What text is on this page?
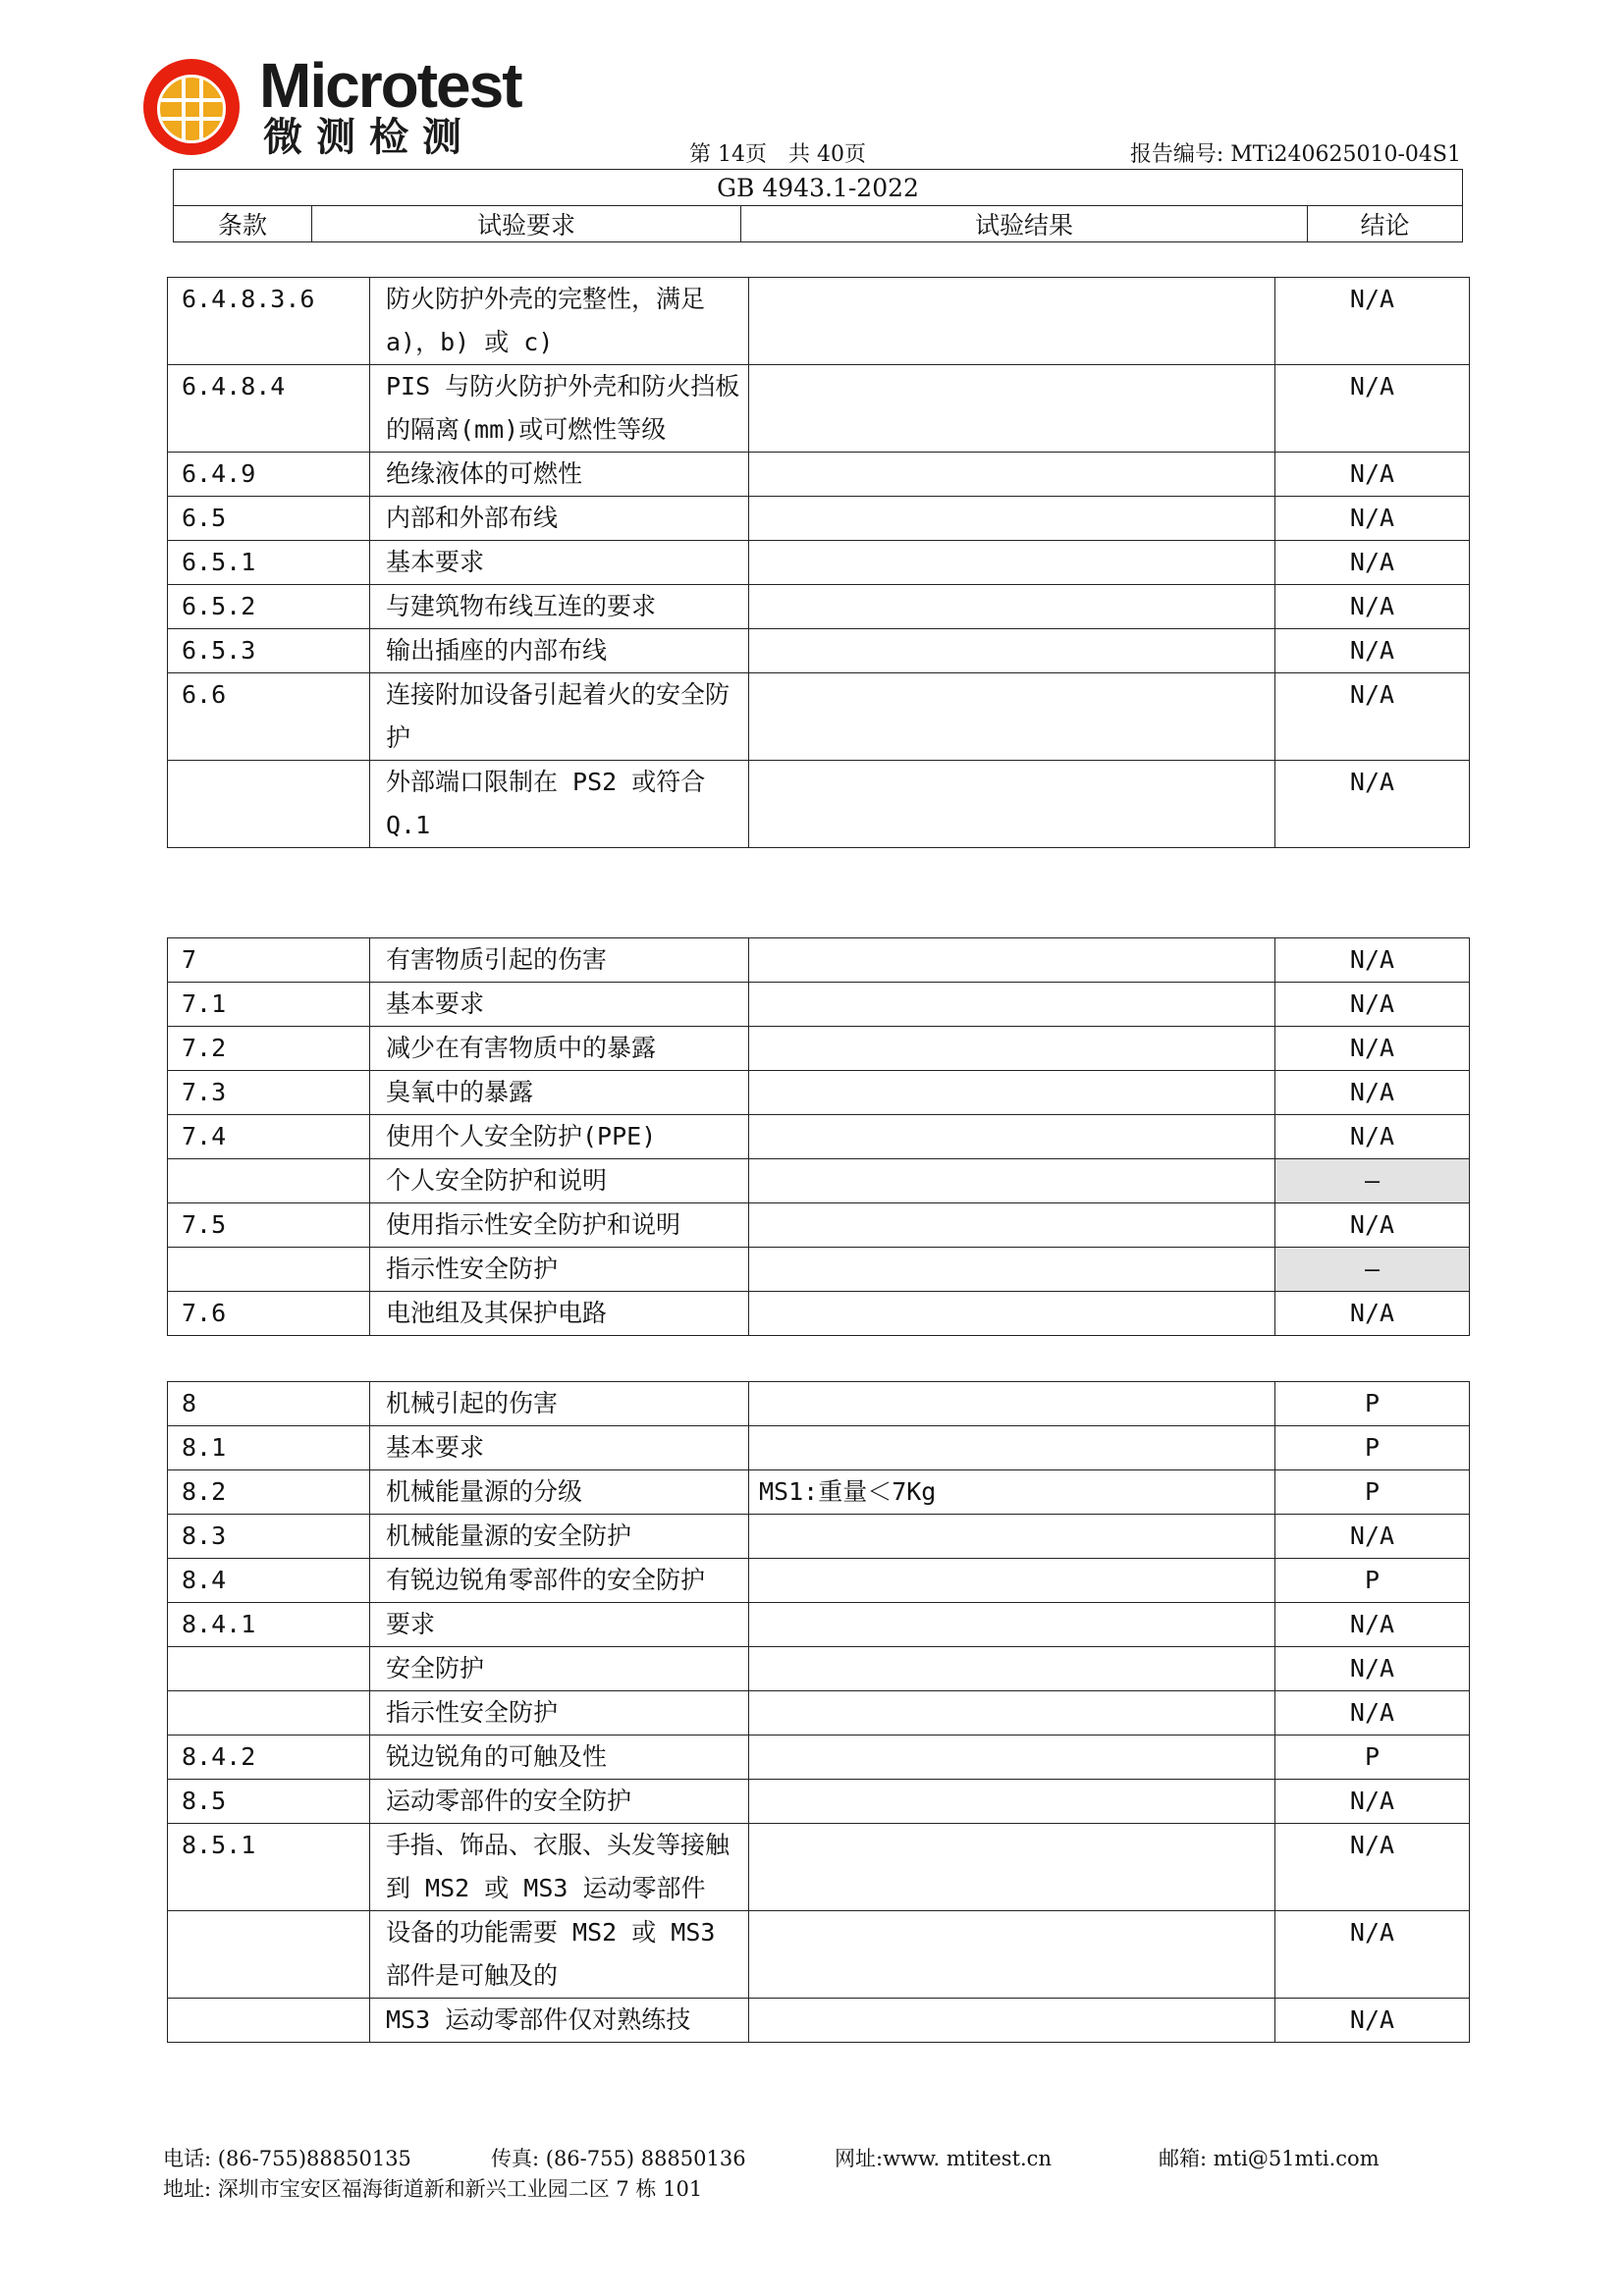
Microtest
微测检测	第 14页　共 40页	报告编号: MTi240625010-04S1
GB 4943.1-2022
条款	试验要求	试验结果	结论
6.4.8.3.6	防火防护外壳的完整性，满足 a)，b) 或 c)		N/A
6.4.8.4	PIS 与防火防护外壳和防火挡板的隔离(mm)或可燃性等级		N/A
6.4.9	绝缘液体的可燃性		N/A
6.5	内部和外部布线		N/A
6.5.1	基本要求		N/A
6.5.2	与建筑物布线互连的要求		N/A
6.5.3	输出插座的内部布线		N/A
6.6	连接附加设备引起着火的安全防护		N/A
	外部端口限制在 PS2 或符合 Q.1		N/A
7	有害物质引起的伤害		N/A
7.1	基本要求		N/A
7.2	减少在有害物质中的暴露		N/A
7.3	臭氧中的暴露		N/A
7.4	使用个人安全防护(PPE)		N/A
	个人安全防护和说明		—
7.5	使用指示性安全防护和说明		N/A
	指示性安全防护		—
7.6	电池组及其保护电路		N/A
8	机械引起的伤害		P
8.1	基本要求		P
8.2	机械能量源的分级	MS1:重量＜7Kg	P
8.3	机械能量源的安全防护		N/A
8.4	有锐边锐角零部件的安全防护		P
8.4.1	要求		N/A
	安全防护		N/A
	指示性安全防护		N/A
8.4.2	锐边锐角的可触及性		P
8.5	运动零部件的安全防护		N/A
8.5.1	手指、饰品、衣服、头发等接触到 MS2 或 MS3 运动零部件		N/A
	设备的功能需要 MS2 或 MS3 部件是可触及的		N/A
	MS3 运动零部件仅对熟练技		N/A
电话: (86-755)88850135	传真: (86-755) 88850136	网址:www. mtitest.cn	邮箱: mti@51mti.com
地址: 深圳市宝安区福海街道新和新兴工业园二区 7 栋 101
